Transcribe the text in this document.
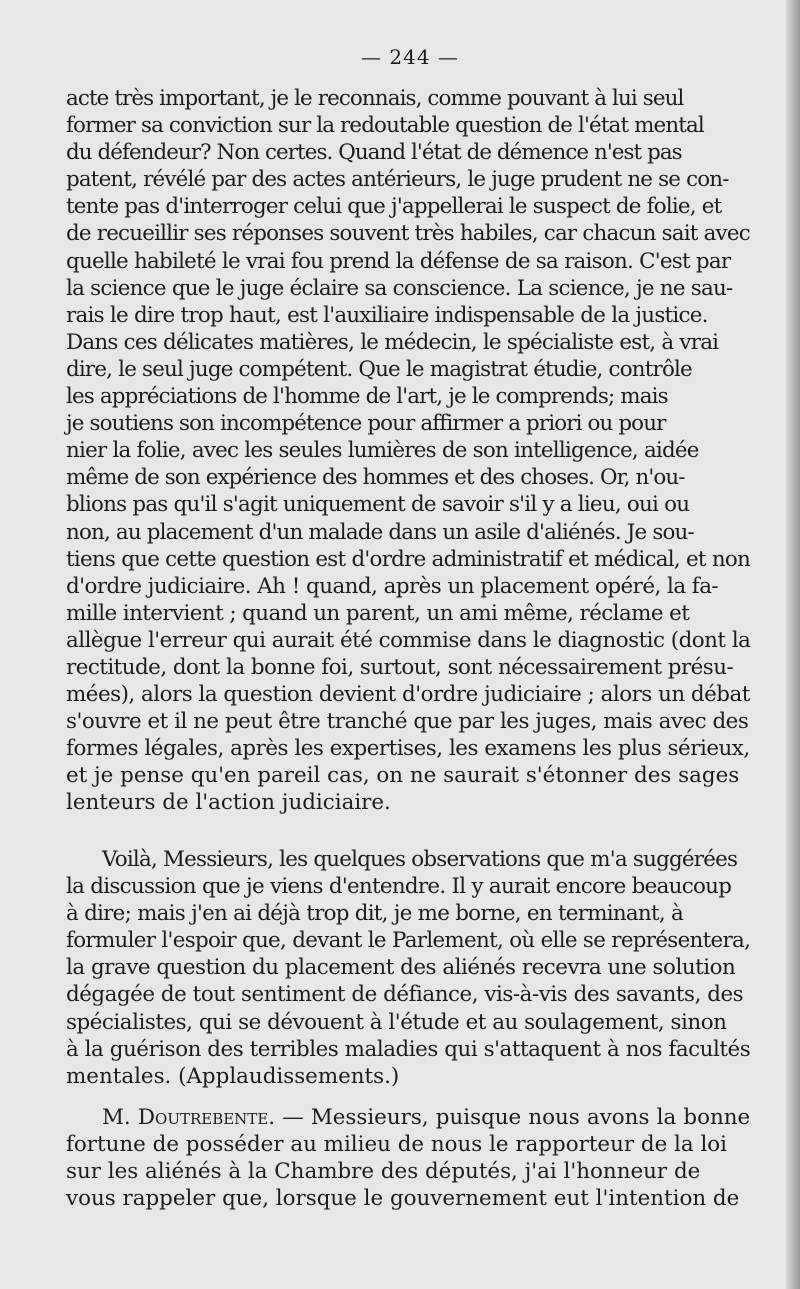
— 244 —
acte très important, je le reconnais, comme pouvant à lui seul
former sa conviction sur la redoutable question de l'état mental
du défendeur? Non certes. Quand l'état de démence n'est pas
patent, révélé par des actes antérieurs, le juge prudent ne se con-
tente pas d'interroger celui que j'appellerai le suspect de folie, et
de recueillir ses réponses souvent très habiles, car chacun sait avec
quelle habileté le vrai fou prend la défense de sa raison. C'est par
la science que le juge éclaire sa conscience. La science, je ne sau-
rais le dire trop haut, est l'auxiliaire indispensable de la justice.
Dans ces délicates matières, le médecin, le spécialiste est, à vrai
dire, le seul juge compétent. Que le magistrat étudie, contrôle
les appréciations de l'homme de l'art, je le comprends; mais
je soutiens son incompétence pour affirmer a priori ou pour
nier la folie, avec les seules lumières de son intelligence, aidée
même de son expérience des hommes et des choses. Or, n'ou-
blions pas qu'il s'agit uniquement de savoir s'il y a lieu, oui ou
non, au placement d'un malade dans un asile d'aliénés. Je sou-
tiens que cette question est d'ordre administratif et médical, et non
d'ordre judiciaire. Ah ! quand, après un placement opéré, la fa-
mille intervient ; quand un parent, un ami même, réclame et
allègue l'erreur qui aurait été commise dans le diagnostic (dont la
rectitude, dont la bonne foi, surtout, sont nécessairement présu-
mées), alors la question devient d'ordre judiciaire ; alors un débat
s'ouvre et il ne peut être tranché que par les juges, mais avec des
formes légales, après les expertises, les examens les plus sérieux,
et je pense qu'en pareil cas, on ne saurait s'étonner des sages
lenteurs de l'action judiciaire.
Voilà, Messieurs, les quelques observations que m'a suggérées
la discussion que je viens d'entendre. Il y aurait encore beaucoup
à dire; mais j'en ai déjà trop dit, je me borne, en terminant, à
formuler l'espoir que, devant le Parlement, où elle se représentera,
la grave question du placement des aliénés recevra une solution
dégagée de tout sentiment de défiance, vis-à-vis des savants, des
spécialistes, qui se dévouent à l'étude et au soulagement, sinon
à la guérison des terribles maladies qui s'attaquent à nos facultés
mentales. (Applaudissements.)
M. Doutrebente. — Messieurs, puisque nous avons la bonne
fortune de posséder au milieu de nous le rapporteur de la loi
sur les aliénés à la Chambre des députés, j'ai l'honneur de
vous rappeler que, lorsque le gouvernement eut l'intention de
